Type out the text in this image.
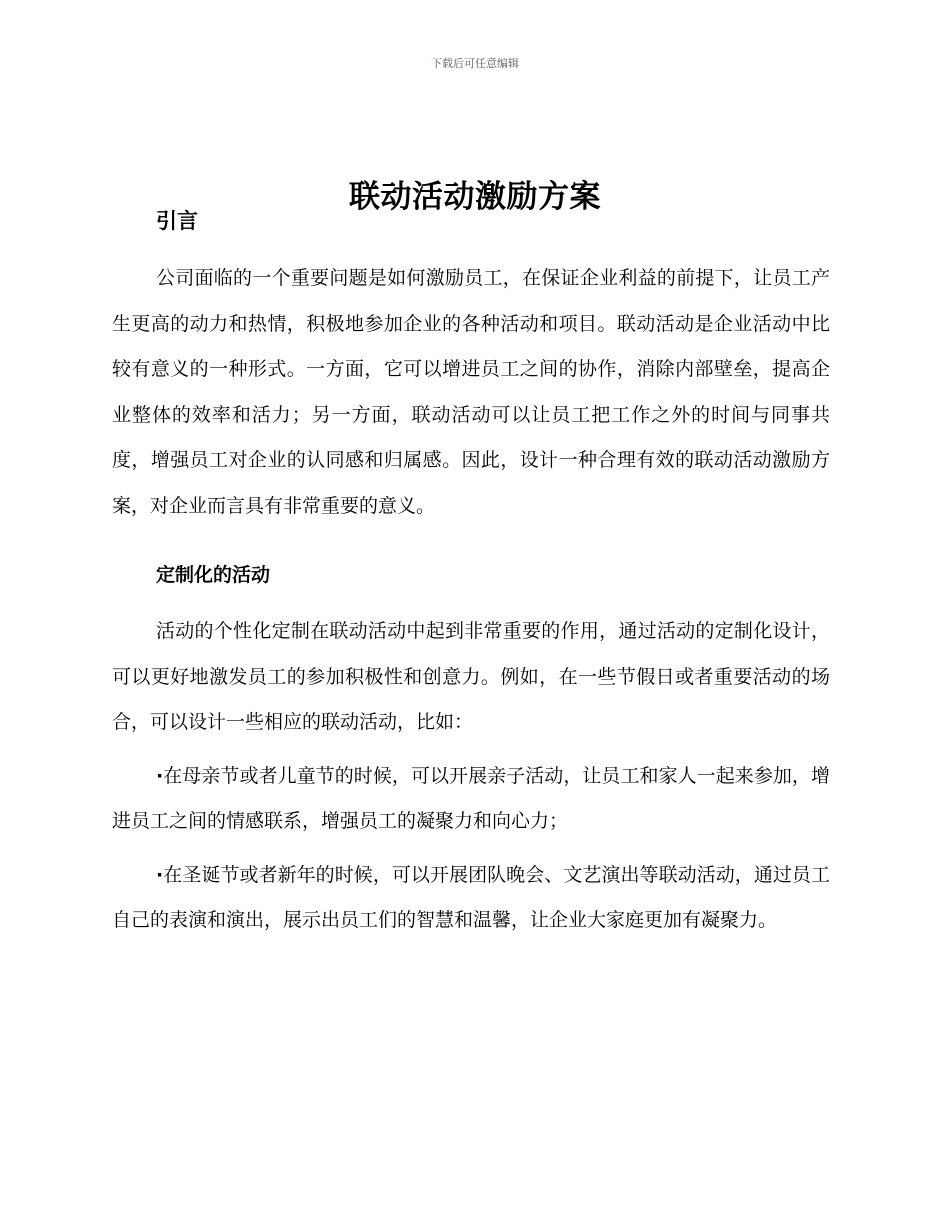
下载后可任意编辑
联动活动激励方案
引言

公司面临的一个重要问题是如何激励员工，在保证企业利益的前提下，让员工产生更高的动力和热情，积极地参加企业的各种活动和项目。联动活动是企业活动中比较有意义的一种形式。一方面，它可以增进员工之间的协作，消除内部壁垒，提高企业整体的效率和活力；另一方面，联动活动可以让员工把工作之外的时间与同事共度，增强员工对企业的认同感和归属感。因此，设计一种合理有效的联动活动激励方案，对企业而言具有非常重要的意义。

定制化的活动

活动的个性化定制在联动活动中起到非常重要的作用，通过活动的定制化设计，可以更好地激发员工的参加积极性和创意力。例如，在一些节假日或者重要活动的场合，可以设计一些相应的联动活动，比如：

·在母亲节或者儿童节的时候，可以开展亲子活动，让员工和家人一起来参加，增进员工之间的情感联系，增强员工的凝聚力和向心力；

·在圣诞节或者新年的时候，可以开展团队晚会、文艺演出等联动活动，通过员工自己的表演和演出，展示出员工们的智慧和温馨，让企业大家庭更加有凝聚力。
